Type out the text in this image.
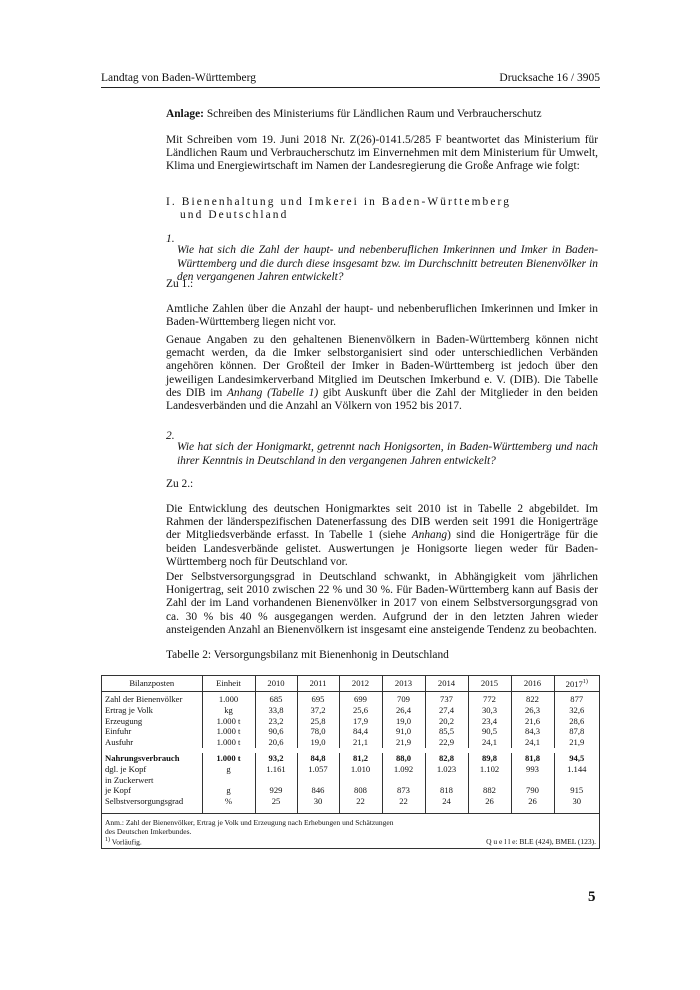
Landtag von Baden-Württemberg	Drucksache 16 / 3905

Anlage: Schreiben des Ministeriums für Ländlichen Raum und Verbraucherschutz

Mit Schreiben vom 19. Juni 2018 Nr. Z(26)-0141.5/285 F beantwortet das Ministerium für Ländlichen Raum und Verbraucherschutz im Einvernehmen mit dem Ministerium für Umwelt, Klima und Energiewirtschaft im Namen der Landesregierung die Große Anfrage wie folgt:

I. Bienenhaltung und Imkerei in Baden-Württemberg
und Deutschland
1.

Wie hat sich die Zahl der haupt- und nebenberuflichen Imkerinnen und Imker in Baden-Württemberg und die durch diese insgesamt bzw. im Durchschnitt betreuten Bienenvölker in den vergangenen Jahren entwickelt?

Zu 1.:

Amtliche Zahlen über die Anzahl der haupt- und nebenberuflichen Imkerinnen und Imker in Baden-Württemberg liegen nicht vor.

Genaue Angaben zu den gehaltenen Bienenvölkern in Baden-Württemberg können nicht gemacht werden, da die Imker selbstorganisiert sind oder unterschiedlichen Verbänden angehören können. Der Großteil der Imker in Baden-Württemberg ist jedoch über den jeweiligen Landesimkerverband Mitglied im Deutschen Imkerbund e. V. (DIB). Die Tabelle des DIB im Anhang (Tabelle 1) gibt Auskunft über die Zahl der Mitglieder in den beiden Landesverbänden und die Anzahl an Völkern von 1952 bis 2017.

2.

Wie hat sich der Honigmarkt, getrennt nach Honigsorten, in Baden-Württemberg und nach ihrer Kenntnis in Deutschland in den vergangenen Jahren entwickelt?

Zu 2.:

Die Entwicklung des deutschen Honigmarktes seit 2010 ist in Tabelle 2 abgebildet. Im Rahmen der länderspezifischen Datenerfassung des DIB werden seit 1991 die Honigerträge der Mitgliedsverbände erfasst. In Tabelle 1 (siehe Anhang) sind die Honigerträge für die beiden Landesverbände gelistet. Auswertungen je Honigsorte liegen weder für Baden-Württemberg noch für Deutschland vor.

Der Selbstversorgungsgrad in Deutschland schwankt, in Abhängigkeit vom jährlichen Honigertrag, seit 2010 zwischen 22 % und 30 %. Für Baden-Württemberg kann auf Basis der Zahl der im Land vorhandenen Bienenvölker in 2017 von einem Selbstversorgungsgrad von ca. 30 % bis 40 % ausgegangen werden. Aufgrund der in den letzten Jahren wieder ansteigenden Anzahl an Bienenvölkern ist insgesamt eine ansteigende Tendenz zu beobachten.

Tabelle 2: Versorgungsbilanz mit Bienenhonig in Deutschland
Bilanzposten	Einheit	2010	2011	2012	2013	2014	2015	2016	2017$^{1)}$
Zahl der Bienenvölker	1.000	685	695	699	709	737	772	822	877
Ertrag je Volk	kg	33,8	37,2	25,6	26,4	27,4	30,3	26,3	32,6
Erzeugung	1.000 t	23,2	25,8	17,9	19,0	20,2	23,4	21,6	28,6
Einfuhr	1.000 t	90,6	78,0	84,4	91,0	85,5	90,5	84,3	87,8
Ausfuhr	1.000 t	20,6	19,0	21,1	21,9	22,9	24,1	24,1	21,9

Nahrungsverbrauch	1.000 t	93,2	84,8	81,2	88,0	82,8	89,8	81,8	94,5
dgl. je Kopf	g	1.161	1.057	1.010	1.092	1.023	1.102	993	1.144
in Zuckerwert									
je Kopf	g	929	846	808	873	818	882	790	915
Selbstversorgungsgrad	%	25	30	22	22	24	26	26	30
Anm.: Zahl der Bienenvölker, Ertrag je Volk und Erzeugung nach Erhebungen und Schätzungen
des Deutschen Imkerbundes.
$^{1)}$ Vorläufig.	Q u e l l e: BLE (424), BMEL (123).
5
